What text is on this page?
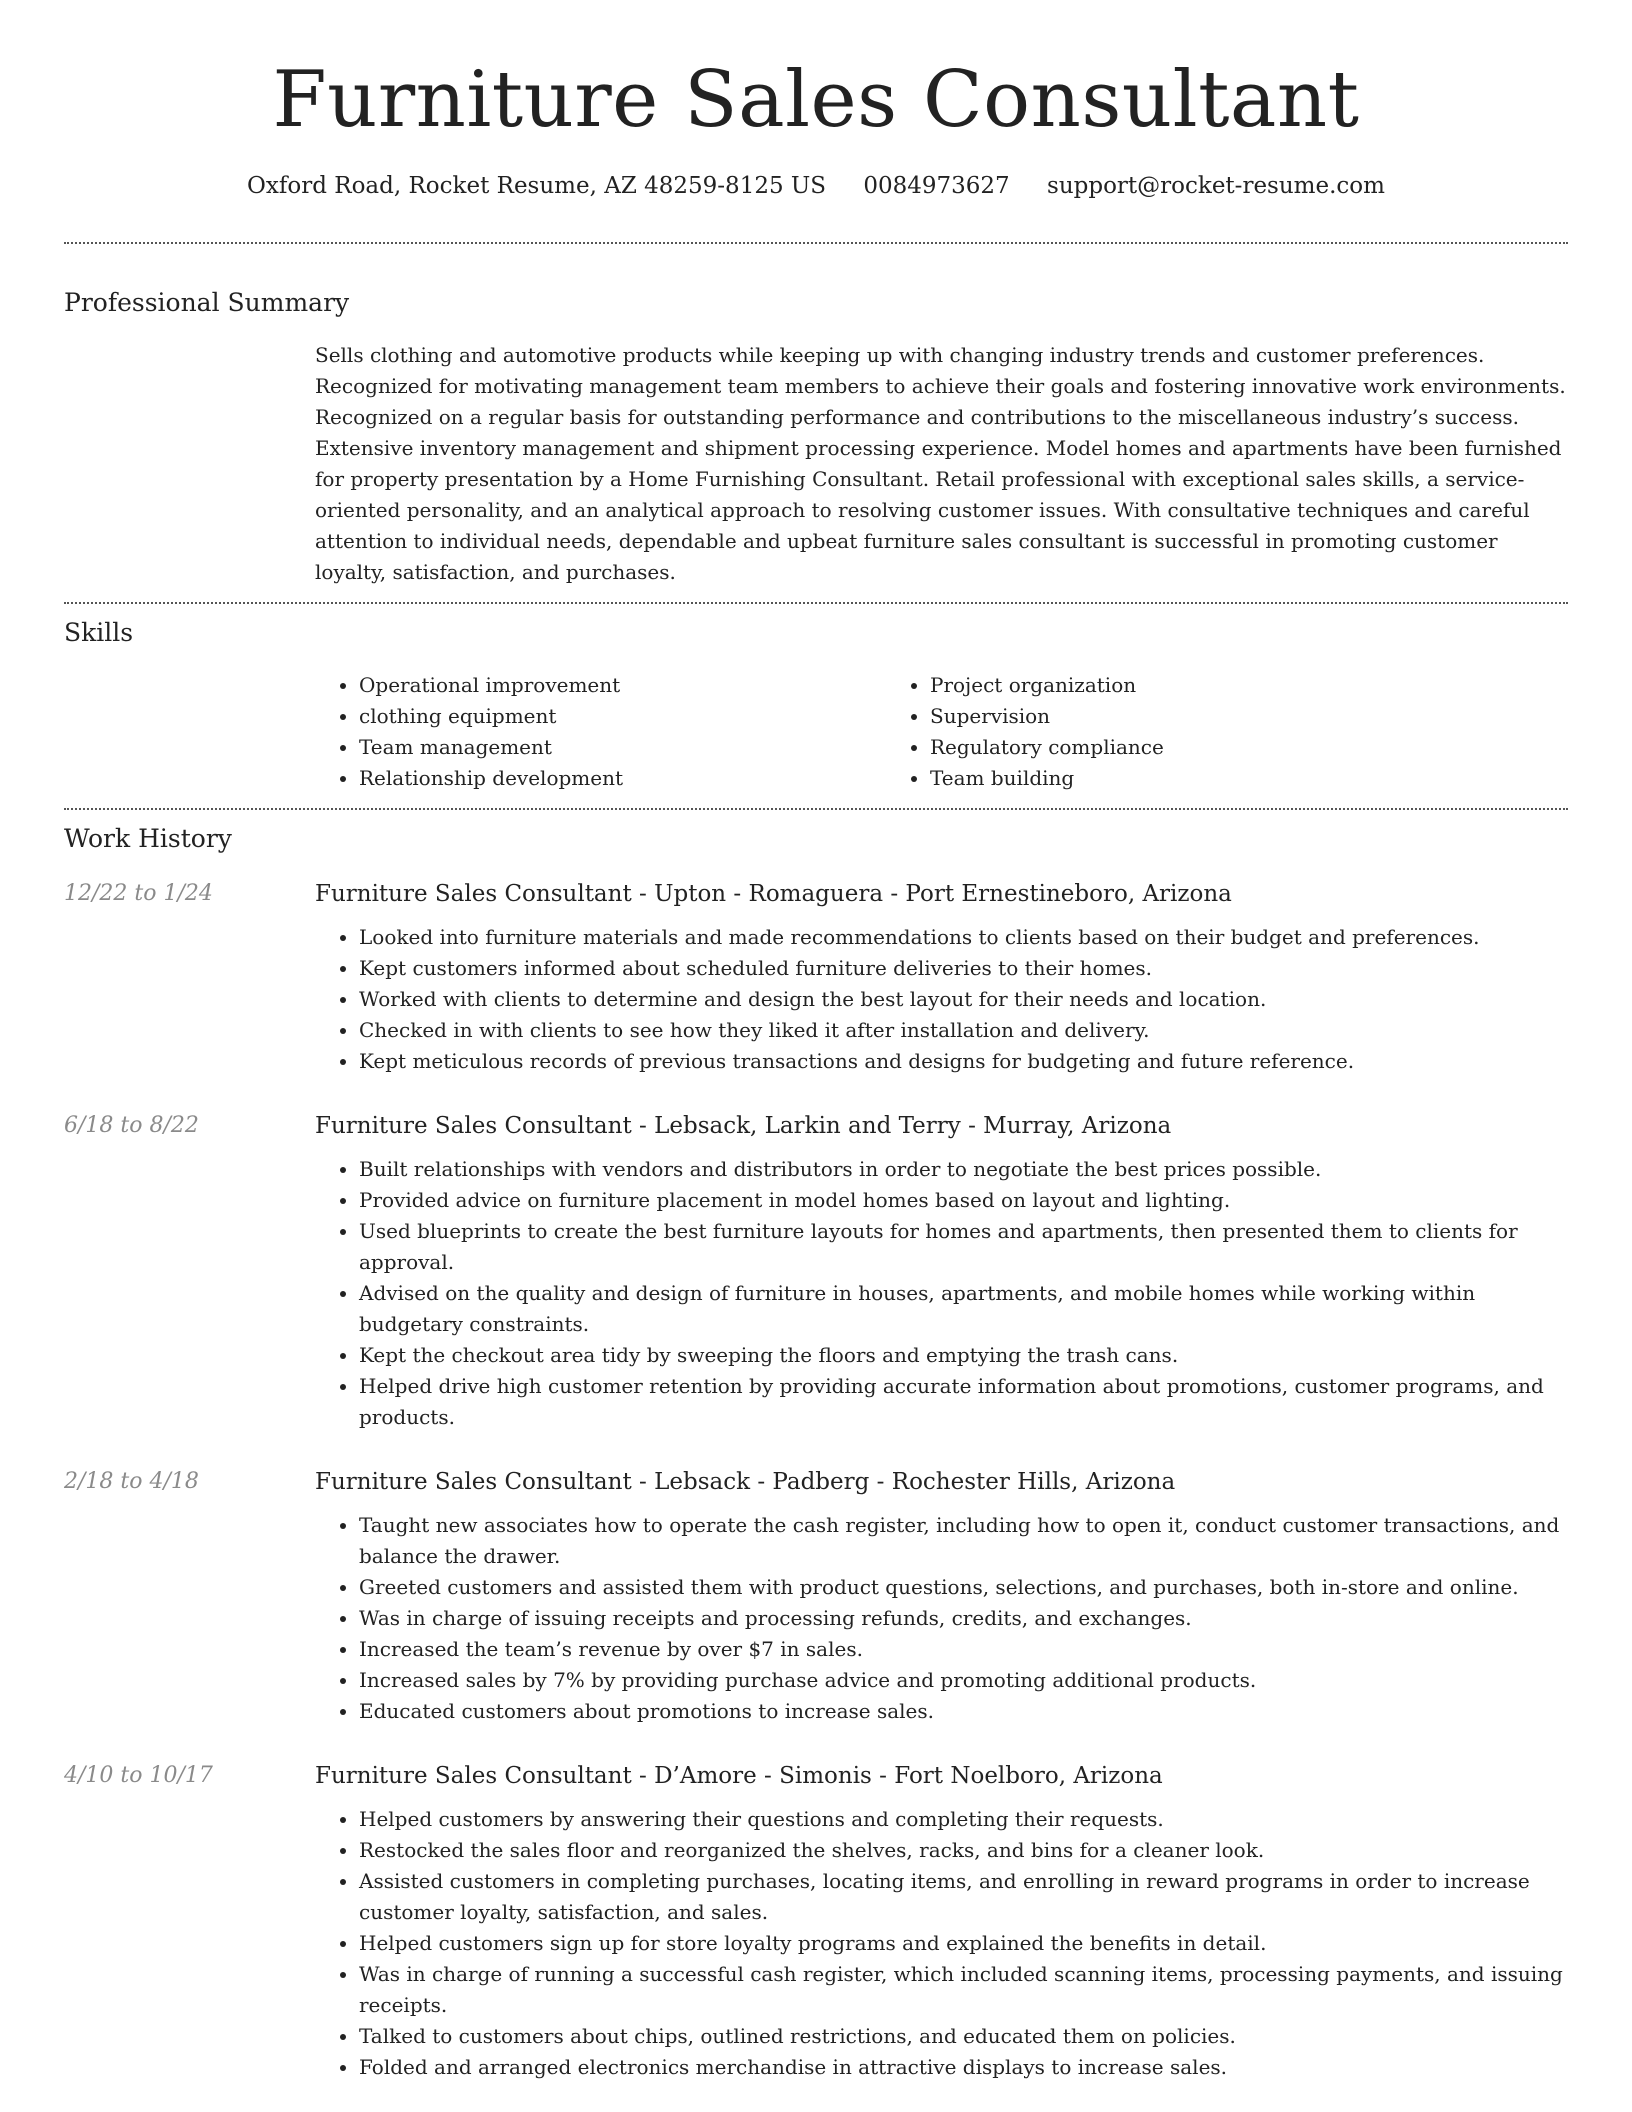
Furniture Sales Consultant
Oxford Road, Rocket Resume, AZ 48259-8125 US 0084973627 support@rocket-resume.com
Professional Summary
Sells clothing and automotive products while keeping up with changing industry trends and customer preferences. Recognized for motivating management team members to achieve their goals and fostering innovative work environments. Recognized on a regular basis for outstanding performance and contributions to the miscellaneous industry’s success. Extensive inventory management and shipment processing experience. Model homes and apartments have been furnished for property presentation by a Home Furnishing Consultant. Retail professional with exceptional sales skills, a service-oriented personality, and an analytical approach to resolving customer issues. With consultative techniques and careful attention to individual needs, dependable and upbeat furniture sales consultant is successful in promoting customer loyalty, satisfaction, and purchases.
Skills
• Operational improvement
• clothing equipment
• Team management
• Relationship development
• Project organization
• Supervision
• Regulatory compliance
• Team building
Work History
12/22 to 1/24	Furniture Sales Consultant - Upton - Romaguera - Port Ernestineboro, Arizona
• Looked into furniture materials and made recommendations to clients based on their budget and preferences.
• Kept customers informed about scheduled furniture deliveries to their homes.
• Worked with clients to determine and design the best layout for their needs and location.
• Checked in with clients to see how they liked it after installation and delivery.
• Kept meticulous records of previous transactions and designs for budgeting and future reference.
6/18 to 8/22	Furniture Sales Consultant - Lebsack, Larkin and Terry - Murray, Arizona
• Built relationships with vendors and distributors in order to negotiate the best prices possible.
• Provided advice on furniture placement in model homes based on layout and lighting.
• Used blueprints to create the best furniture layouts for homes and apartments, then presented them to clients for approval.
• Advised on the quality and design of furniture in houses, apartments, and mobile homes while working within budgetary constraints.
• Kept the checkout area tidy by sweeping the floors and emptying the trash cans.
• Helped drive high customer retention by providing accurate information about promotions, customer programs, and products.
2/18 to 4/18	Furniture Sales Consultant - Lebsack - Padberg - Rochester Hills, Arizona
• Taught new associates how to operate the cash register, including how to open it, conduct customer transactions, and balance the drawer.
• Greeted customers and assisted them with product questions, selections, and purchases, both in-store and online.
• Was in charge of issuing receipts and processing refunds, credits, and exchanges.
• Increased the team’s revenue by over $7 in sales.
• Increased sales by 7% by providing purchase advice and promoting additional products.
• Educated customers about promotions to increase sales.
4/10 to 10/17	Furniture Sales Consultant - D’Amore - Simonis - Fort Noelboro, Arizona
• Helped customers by answering their questions and completing their requests.
• Restocked the sales floor and reorganized the shelves, racks, and bins for a cleaner look.
• Assisted customers in completing purchases, locating items, and enrolling in reward programs in order to increase customer loyalty, satisfaction, and sales.
• Helped customers sign up for store loyalty programs and explained the benefits in detail.
• Was in charge of running a successful cash register, which included scanning items, processing payments, and issuing receipts.
• Talked to customers about chips, outlined restrictions, and educated them on policies.
• Folded and arranged electronics merchandise in attractive displays to increase sales.
